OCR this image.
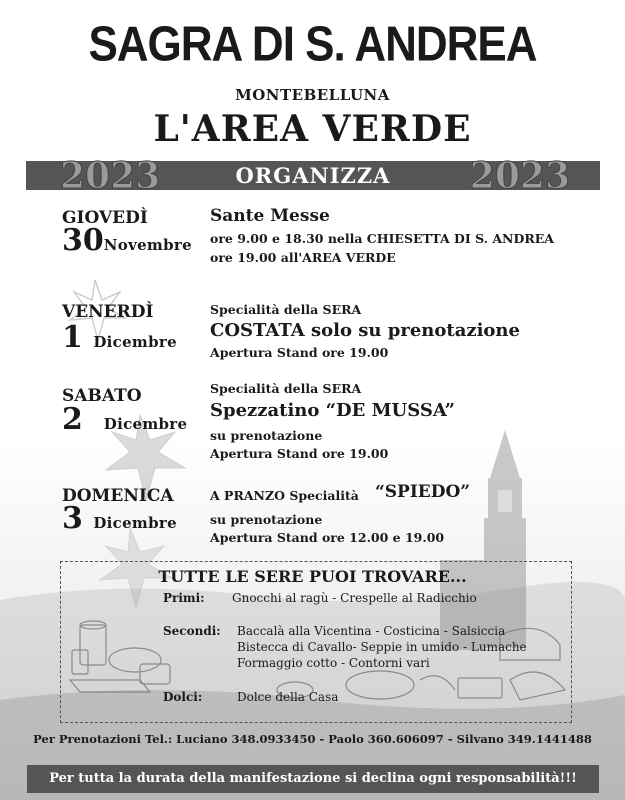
SAGRA DI S. ANDREA
MONTEBELLUNA
L'AREA VERDE
2023	ORGANIZZA	2023
GIOVEDÌ
30Novembre
Sante Messe
ore 9.00 e 18.30 nella CHIESETTA DI S. ANDREA
ore 19.00 all'AREA VERDE
VENERDÌ
1 Dicembre
Specialità della SERA
COSTATA solo su prenotazione
Apertura Stand ore 19.00
SABATO
2 Dicembre
Specialità della SERA
Spezzatino “DE MUSSA”
su prenotazione
Apertura Stand ore 19.00
DOMENICA
3 Dicembre
A PRANZO Specialità “SPIEDO”
su prenotazione
Apertura Stand ore 12.00 e 19.00
TUTTE LE SERE PUOI TROVARE...
Primi: Gnocchi al ragù - Crespelle al Radicchio
Secondi: Baccalà alla Vicentina - Costicina - Salsiccia
Bistecca di Cavallo- Seppie in umido - Lumache
Formaggio cotto - Contorni vari
Dolci:	Dolce della Casa
Per Prenotazioni Tel.: Luciano 348.0933450 - Paolo 360.606097 - Silvano 349.1441488
Per tutta la durata della manifestazione si declina ogni responsabilità!!!
